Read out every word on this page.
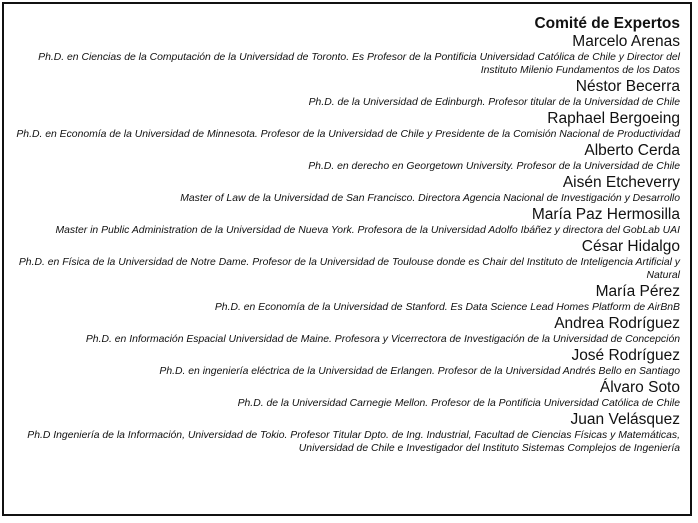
Comité de Expertos

Marcelo Arenas

Ph.D. en Ciencias de la Computación de la Universidad de Toronto. Es Profesor de la Pontificia Universidad Católica de Chile y Director del Instituto Milenio Fundamentos de los Datos

Néstor Becerra

Ph.D. de la Universidad de Edinburgh. Profesor titular de la Universidad de Chile

Raphael Bergoeing

Ph.D. en Economía de la Universidad de Minnesota. Profesor de la Universidad de Chile y Presidente de la Comisión Nacional de Productividad

Alberto Cerda

Ph.D. en derecho en Georgetown University. Profesor de la Universidad de Chile

Aisén Etcheverry

Master of Law de la Universidad de San Francisco. Directora Agencia Nacional de Investigación y Desarrollo

María Paz Hermosilla

Master in Public Administration de la Universidad de Nueva York. Profesora de la Universidad Adolfo Ibáñez y directora del GobLab UAI

César Hidalgo

Ph.D. en Física de la Universidad de Notre Dame. Profesor de la Universidad de Toulouse donde es Chair del Instituto de Inteligencia Artificial y Natural

María Pérez

Ph.D. en Economía de la Universidad de Stanford. Es Data Science Lead Homes Platform de AirBnB

Andrea Rodríguez

Ph.D. en Información Espacial Universidad de Maine. Profesora y Vicerrectora de Investigación de la Universidad de Concepción

José Rodríguez

Ph.D. en ingeniería eléctrica de la Universidad de Erlangen. Profesor de la Universidad Andrés Bello en Santiago

Álvaro Soto

Ph.D. de la Universidad Carnegie Mellon. Profesor de la Pontificia Universidad Católica de Chile

Juan Velásquez

Ph.D Ingeniería de la Información, Universidad de Tokio. Profesor Titular Dpto. de Ing. Industrial, Facultad de Ciencias Físicas y Matemáticas, Universidad de Chile e Investigador del Instituto Sistemas Complejos de Ingeniería
